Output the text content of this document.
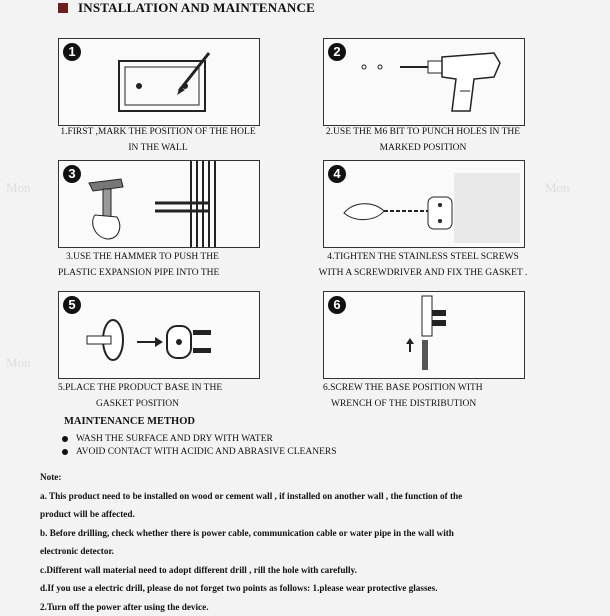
Mon
Mon
Mon
INSTALLATION AND MAINTENANCE
1
1.FIRST ,MARK THE POSITION OF THE HOLE
IN THE WALL
2
2.USE THE M6 BIT TO PUNCH HOLES IN THE
MARKED POSITION
3
3.USE THE HAMMER TO PUSH THE
PLASTIC EXPANSION PIPE INTO THE
4
4.TIGHTEN THE STAINLESS STEEL SCREWS
WITH A SCREWDRIVER AND FIX THE GASKET .
5
5.PLACE THE PRODUCT BASE IN THE
GASKET POSITION
6
6.SCREW THE BASE POSITION WITH
WRENCH OF THE DISTRIBUTION
MAINTENANCE METHOD
WASH THE SURFACE AND DRY WITH WATER
AVOID CONTACT WITH ACIDIC AND ABRASIVE CLEANERS
Note:
a. This product need to be installed on wood or cement wall , if installed on another wall , the function of the
product will be affected.
b. Before drilling, check whether there is power cable, communication cable or water pipe in the wall with
electronic detector.
c.Different wall material need to adopt different drill , rill the hole with carefully.
d.If you use a electric drill, please do not forget two points as follows: 1.please wear protective glasses.
2.Turn off the power after using the device.
